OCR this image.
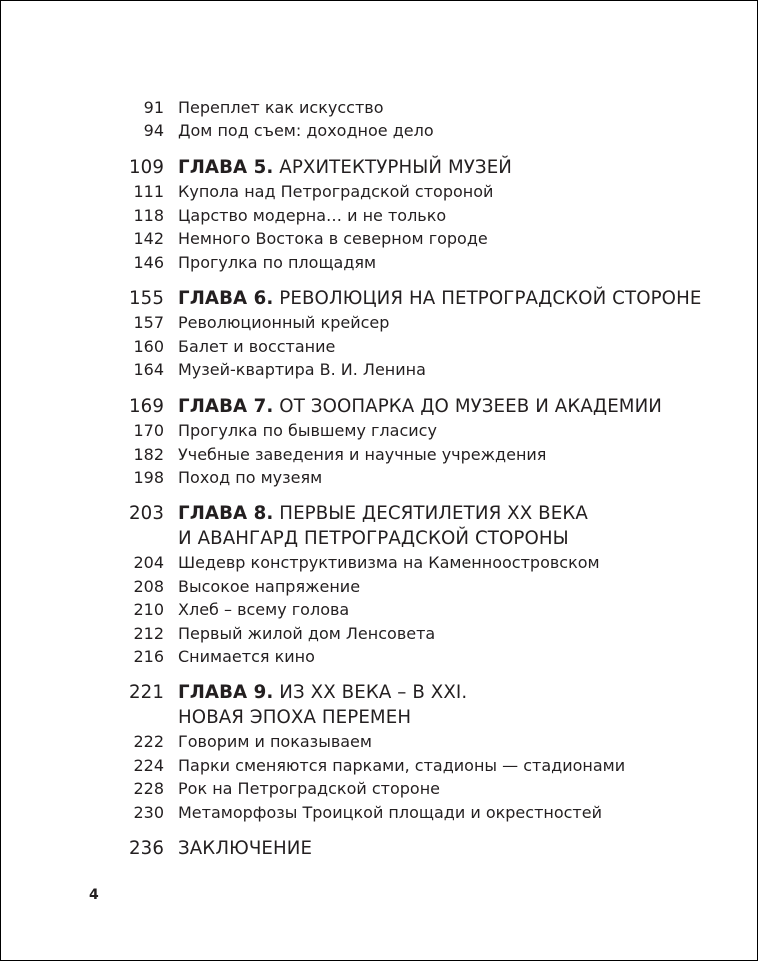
91 Переплет как искусство
94 Дом под съем: доходное дело
109 ГЛАВА 5. АРХИТЕКТУРНЫЙ МУЗЕЙ
111 Купола над Петроградской стороной
118 Царство модерна… и не только
142 Немного Востока в северном городе
146 Прогулка по площадям
155 ГЛАВА 6. РЕВОЛЮЦИЯ НА ПЕТРОГРАДСКОЙ СТОРОНЕ
157 Революционный крейсер
160 Балет и восстание
164 Музей-квартира В. И. Ленина
169 ГЛАВА 7. ОТ ЗООПАРКА ДО МУЗЕЕВ И АКАДЕМИИ
170 Прогулка по бывшему гласису
182 Учебные заведения и научные учреждения
198 Поход по музеям
203 ГЛАВА 8. ПЕРВЫЕ ДЕСЯТИЛЕТИЯ XX ВЕКА
И АВАНГАРД ПЕТРОГРАДСКОЙ СТОРОНЫ
204 Шедевр конструктивизма на Каменноостровском
208 Высокое напряжение
210 Хлеб – всему голова
212 Первый жилой дом Ленсовета
216 Снимается кино
221 ГЛАВА 9. ИЗ XX ВЕКА – В XXI.
НОВАЯ ЭПОХА ПЕРЕМЕН
222 Говорим и показываем
224 Парки сменяются парками, стадионы — стадионами
228 Рок на Петроградской стороне
230 Метаморфозы Троицкой площади и окрестностей
236 ЗАКЛЮЧЕНИЕ
4
